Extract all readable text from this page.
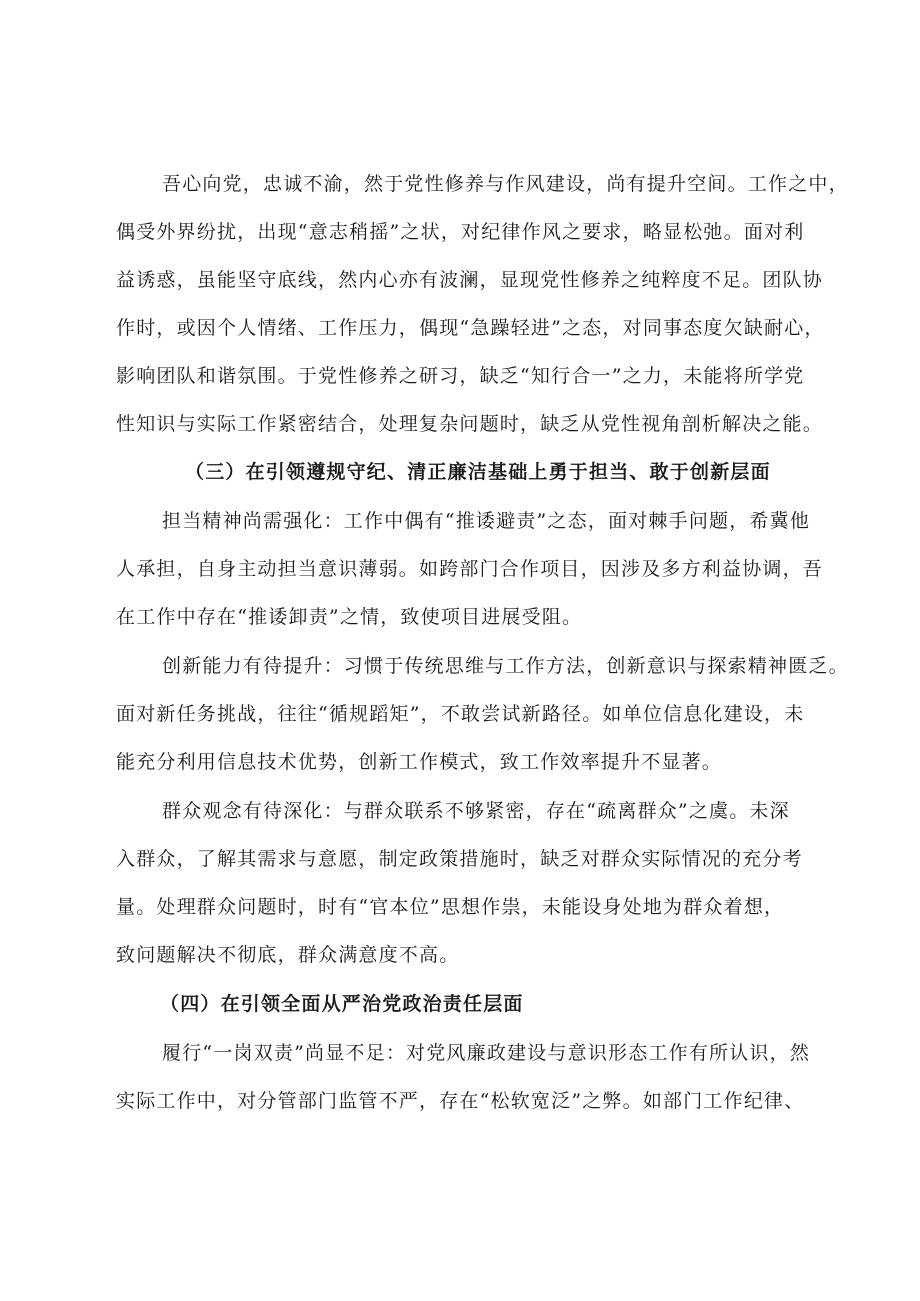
吾心向党，忠诚不渝，然于党性修养与作风建设，尚有提升空间。工作之中，

偶受外界纷扰，出现“意志稍摇”之状，对纪律作风之要求，略显松弛。面对利

益诱惑，虽能坚守底线，然内心亦有波澜，显现党性修养之纯粹度不足。团队协

作时，或因个人情绪、工作压力，偶现“急躁轻进”之态，对同事态度欠缺耐心，

影响团队和谐氛围。于党性修养之研习，缺乏“知行合一”之力，未能将所学党

性知识与实际工作紧密结合，处理复杂问题时，缺乏从党性视角剖析解决之能。

（三）在引领遵规守纪、清正廉洁基础上勇于担当、敢于创新层面

担当精神尚需强化：工作中偶有“推诿避责”之态，面对棘手问题，希冀他

人承担，自身主动担当意识薄弱。如跨部门合作项目，因涉及多方利益协调，吾

在工作中存在“推诿卸责”之情，致使项目进展受阻。

创新能力有待提升：习惯于传统思维与工作方法，创新意识与探索精神匮乏。

面对新任务挑战，往往“循规蹈矩”，不敢尝试新路径。如单位信息化建设，未

能充分利用信息技术优势，创新工作模式，致工作效率提升不显著。

群众观念有待深化：与群众联系不够紧密，存在“疏离群众”之虞。未深

入群众，了解其需求与意愿，制定政策措施时，缺乏对群众实际情况的充分考

量。处理群众问题时，时有“官本位”思想作祟，未能设身处地为群众着想，

致问题解决不彻底，群众满意度不高。

（四）在引领全面从严治党政治责任层面

履行“一岗双责”尚显不足：对党风廉政建设与意识形态工作有所认识，然

实际工作中，对分管部门监管不严，存在“松软宽泛”之弊。如部门工作纪律、
